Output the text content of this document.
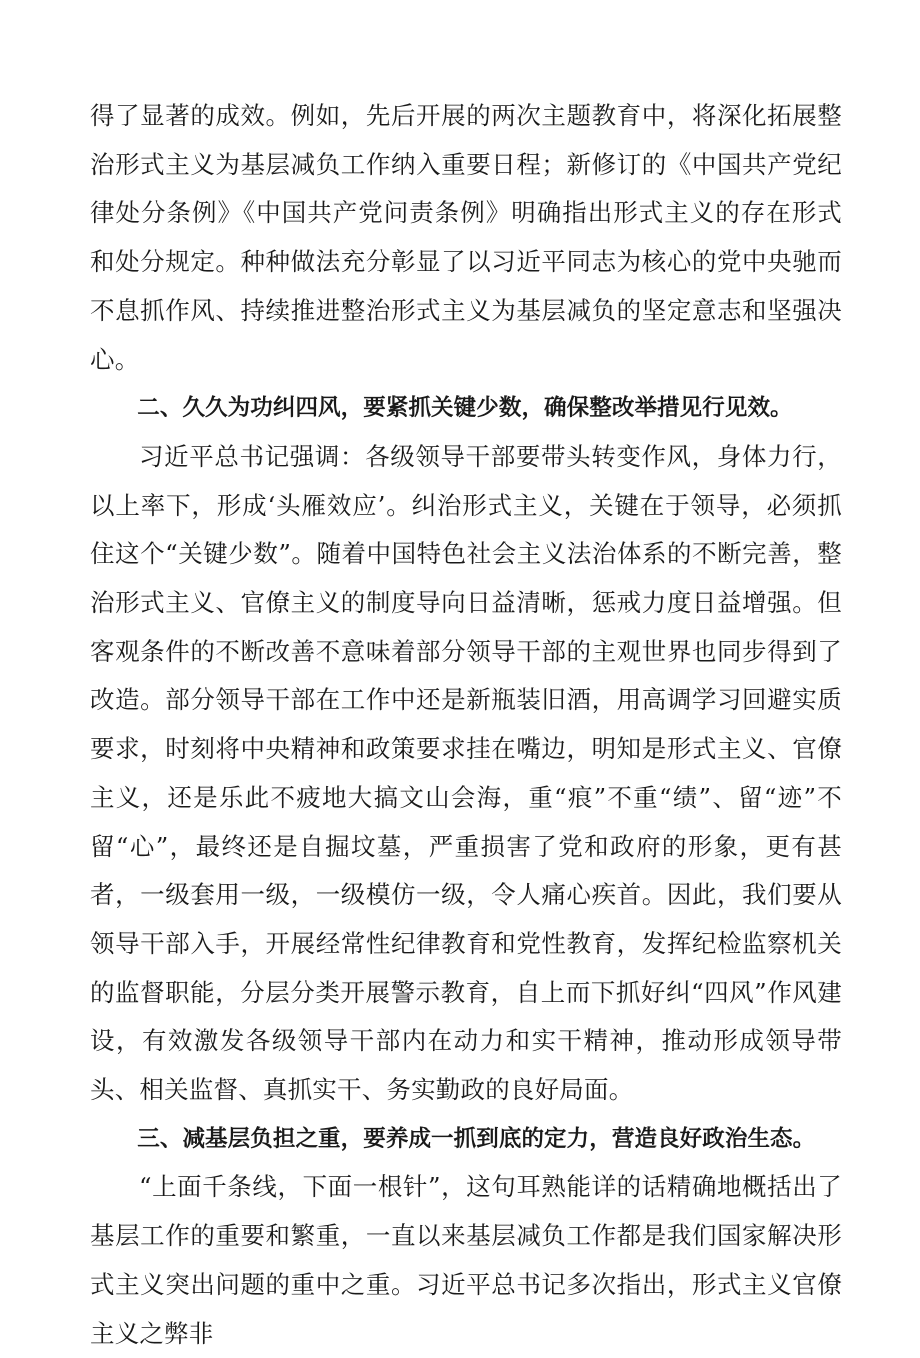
得了显著的成效。例如，先后开展的两次主题教育中，将深化拓展整治形式主义为基层减负工作纳入重要日程；新修订的《中国共产党纪律处分条例》《中国共产党问责条例》明确指出形式主义的存在形式和处分规定。种种做法充分彰显了以习近平同志为核心的党中央驰而不息抓作风、持续推进整治形式主义为基层减负的坚定意志和坚强决心。

二、久久为功纠四风，要紧抓关键少数，确保整改举措见行见效。

习近平总书记强调：各级领导干部要带头转变作风，身体力行，以上率下，形成‘头雁效应’。纠治形式主义，关键在于领导，必须抓住这个“关键少数”。随着中国特色社会主义法治体系的不断完善，整治形式主义、官僚主义的制度导向日益清晰，惩戒力度日益增强。但客观条件的不断改善不意味着部分领导干部的主观世界也同步得到了改造。部分领导干部在工作中还是新瓶装旧酒，用高调学习回避实质要求，时刻将中央精神和政策要求挂在嘴边，明知是形式主义、官僚主义，还是乐此不疲地大搞文山会海，重“痕”不重“绩”、留“迹”不留“心”，最终还是自掘坟墓，严重损害了党和政府的形象，更有甚者，一级套用一级，一级模仿一级，令人痛心疾首。因此，我们要从领导干部入手，开展经常性纪律教育和党性教育，发挥纪检监察机关的监督职能，分层分类开展警示教育，自上而下抓好纠“四风”作风建设，有效激发各级领导干部内在动力和实干精神，推动形成领导带头、相关监督、真抓实干、务实勤政的良好局面。

三、减基层负担之重，要养成一抓到底的定力，营造良好政治生态。

“上面千条线，下面一根针”，这句耳熟能详的话精确地概括出了基层工作的重要和繁重，一直以来基层减负工作都是我们国家解决形式主义突出问题的重中之重。习近平总书记多次指出，形式主义官僚主义之弊非
